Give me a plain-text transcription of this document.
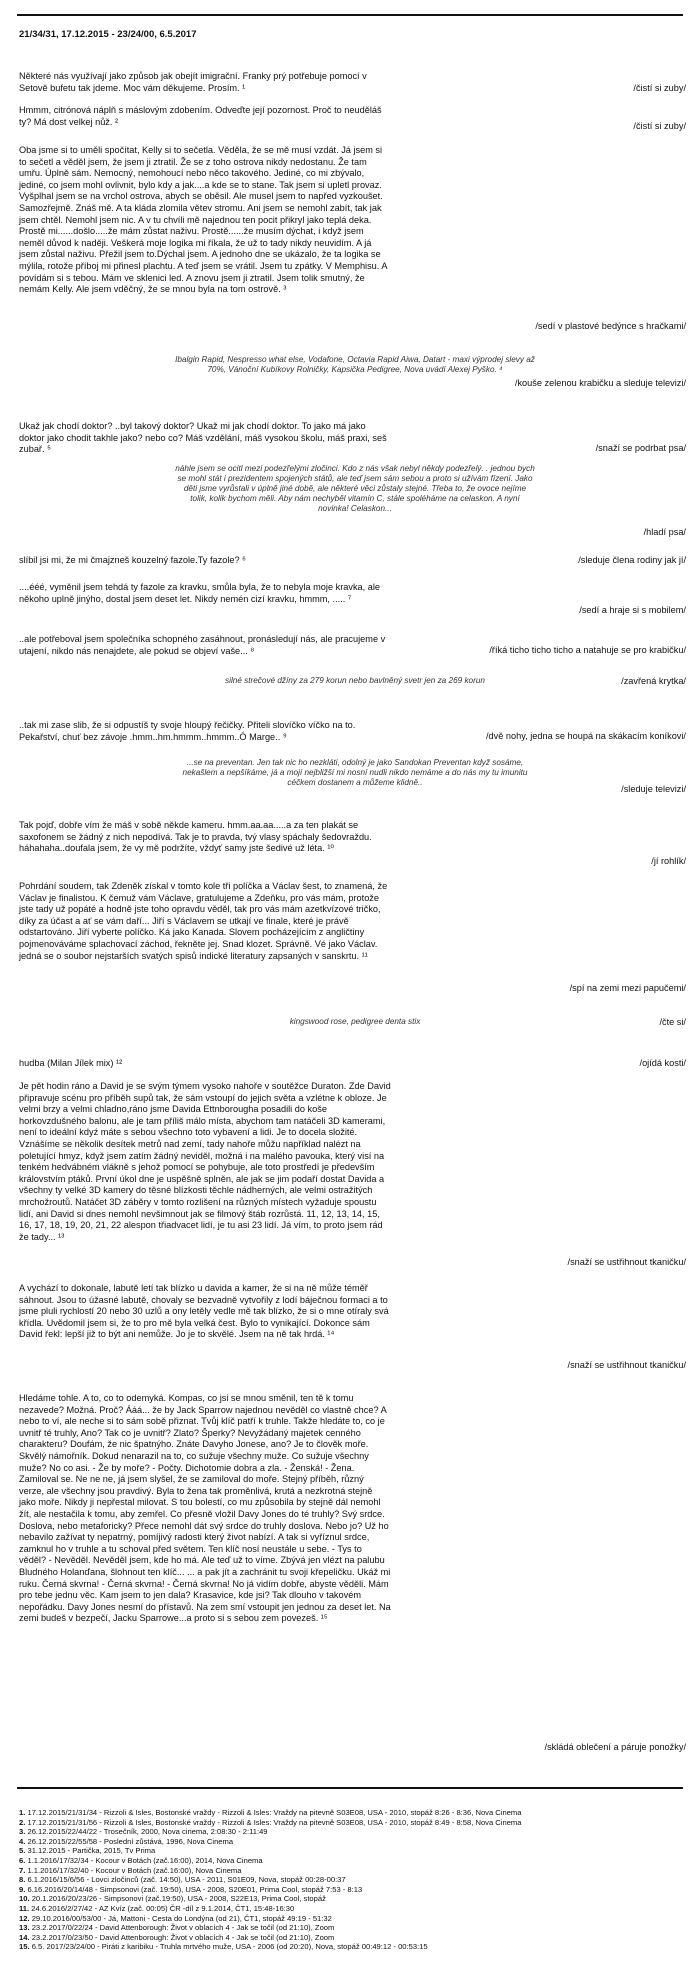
21/34/31, 17.12.2015 - 23/24/00, 6.5.2017
Některé nás využívají jako způsob jak obejít imigrační. Franky prý potřebuje pomocí v Setově bufetu tak jdeme. Moc vám děkujeme. Prosím. ¹	/čistí si zuby/
Hmmm, citrónová náplň s máslovým zdobením. Odveďte její pozornost. Proč to neuděláš ty? Má dost velkej nůž. ²	/čistí si zuby/
Oba jsme si to uměli spočítat, Kelly si to sečetla. Věděla, že se mě musí vzdát. Já jsem si to sečetl a věděl jsem, že jsem ji ztratil. Že se z toho ostrova nikdy nedostanu. Že tam umřu. Úplně sám. Nemocný, nemohoucí nebo něco takového. Jediné, co mi zbývalo, jediné, co jsem mohl ovlivnit, bylo kdy a jak....a kde se to stane. Tak jsem si upletl provaz. Vyšplhal jsem se na vrchol ostrova, abych se oběsil. Ale musel jsem to napřed vyzkoušet. Samozřejmě. Znáš mě. A ta kláda zlomila větev stromu. Ani jsem se nemohl zabít, tak jak jsem chtěl. Nemohl jsem nic. A v tu chvíli mě najednou ten pocit přikryl jako teplá deka. Prostě mi......došlo.....že mám zůstat naživu. Prostě......že musím dýchat, i když jsem neměl důvod k naději. Veškerá moje logika mi říkala, že už to tady nikdy neuvidím. A já jsem zůstal naživu. Přežil jsem to.Dýchal jsem. A jednoho dne se ukázalo, že ta logika se mýlila, rotože příboj mi přinesl plachtu. A teď jsem se vrátil. Jsem tu zpátky. V Memphisu. A povídám si s tebou. Mám ve sklenici led. A znovu jsem ji ztratil. Jsem tolik smutný, že nemám Kelly. Ale jsem vděčný, že se mnou byla na tom ostrově. ³
/sedí v plastové bedýnce s hračkami/
Ibalgin Rapid, Nespresso what else, Vodafone, Octavia Rapid Aiwa, Datart - maxi výprodej slevy až 70%, Vánoční Kubíkovy Rolničky, Kapsička Pedigree, Nova uvádí Alexej Pyško. ⁴
/kouše zelenou krabičku a sleduje televizi/
Ukaž jak chodí doktor? ..byl takový doktor? Ukaž mi jak chodí doktor. To jako má jako doktor jako chodit takhle jako? nebo co? Máš vzdělání, máš vysokou školu, máš praxi, seš zubař. ⁵	/snaží se podrbat psa/
náhle jsem se ocitl mezi podezřelými zločinci. Kdo z nás však nebyl někdy podezřelý. . jednou bych se mohl stát i prezidentem spojených států, ale teď jsem sám sebou a proto si užívám fízení. Jako děti jsme vyrůstali v úplně jiné době, ale některé věci zůstaly stejné. Třeba to, že ovoce nejíme tolik, kolik bychom měli. Aby nám nechyběl vitamín C, stále spoléháme na celaskon. A nyní novinka! Celaskon...
/hladí psa/
slíbil jsi mi, že mi čmajzneš kouzelný fazole.Ty fazole? ⁶	/sleduje člena rodiny jak jí/
....ééé, vyměnil jsem tehdá ty fazole za kravku, smůla byla, že to nebyla moje kravka, ale někoho uplně jinýho, dostal jsem deset let. Nikdy nemén cizí kravku, hmmm, ..... ⁷
/sedí a hraje si s mobilem/
..ale potřeboval jsem společníka schopného zasáhnout, pronásledují nás, ale pracujeme v utajení, nikdo nás nenajdete, ale pokud se objeví vaše... ⁸	/říká ticho ticho ticho a natahuje se pro krabičku/
silné strečové džíny za 279 korun nebo bavlněný svetr jen za 269 korun	/zavřená krytka/
..tak mi zase slib, že si odpustíš ty svoje hloupý řečičky. Přiteli slovíčko víčko na to. Pekařství, chuť bez závoje .hmm..hm.hmmm..hmmm..Ó Marge.. ⁹	/dvě nohy, jedna se houpá na skákacím koníkovi/
...se na preventan. Jen tak nic ho nezkláti, odolný je jako Sandokan Preventan když sosáme, nekašlem a nepšíkáme, já a mojí nejbližší mi nosní nudli nikdo nemáme a do nás my tu imunitu céčkem dostanem a můžeme klidně..
/sleduje televizi/
Tak pojď, dobře vím že máš v sobě někde kameru. hmm.aa.aa.....a za ten plakát se saxofonem se žádný z nich nepodívá. Tak je to pravda, tvý vlasy spáchaly šedovraždu. háhahaha..doufala jsem, že vy mě podržíte, vždyť samy jste šedivé už léta. ¹⁰
/jí rohlík/
Pohrdání soudem, tak Zdeněk získal v tomto kole tři políčka a Václav šest, to znamená, že Václav je finalistou. K čemuž vám Václave, gratulujeme a Zdeňku, pro vás mám, protože jste tady už popáté a hodně jste toho opravdu věděl, tak pro vás mám azetkvízové tričko, díky za účast a ať se vám daří... Jiří s Václavem se utkají ve finale, které je právě odstartováno. Jiří vyberte políčko. Ká jako Kanada. Slovem pocházejícím z angličtiny pojmenováváme splachovací záchod, řekněte jej. Snad klozet. Správně. Vé jako Václav. jedná se o soubor nejstarších svatých spisů indické literatury zapsaných v sanskrtu. ¹¹
/spí na zemi mezi papučemi/
kingswood rose, pedigree denta stix	/čte si/
hudba (Milan Jílek mix) ¹²	/ojídá kosti/
Je pět hodin ráno a David je se svým týmem vysoko nahoře v soutěžce Duraton. Zde David připravuje scénu pro příběh supů tak, že sám vstoupí do jejich světa a vzlétne k obloze. Je velmi brzy a velmi chladno,ráno jsme Davida Ettnborougha posadili do koše horkovzdušného balonu, ale je tam příliš málo místa, abychom tam natáčeli 3D kamerami, není to ideální kdyź máte s sebou všechno toto vybavení a lidi. Je to docela složité. Vznášíme se několik desítek metrů nad zemí, tady nahoře můžu například nalézt na poletující hmyz, když jsem zatím žádný neviděl, možná i na malého pavouka, který visí na tenkém hedvábném vlákně s jehož pomocí se pohybuje, ale toto prostředí je především královstvím ptáků. První úkol dne je uspěšně splněn, ale jak se jim podaří dostat Davida a všechny ty velké 3D kamery do těsné blízkosti těchle nádherných, ale velmi ostražitých mrchožroutů. Natáčet 3D záběry v tomto rozlišení na různých místech vyžaduje spoustu lidí, ani David si dnes nemohl nevšimnout jak se filmový štáb rozrůstá. 11, 12, 13, 14, 15, 16, 17, 18, 19, 20, 21, 22 alespon třiadvacet lidí, je tu asi 23 lidí. Já vím, to proto jsem rád že tady... ¹³
/snaží se ustřihnout tkaničku/
A vychází to dokonale, labutě letí tak blízko u davida a kamer, že si na ně může téměř sáhnout. Jsou to úžasné labutě, chovaly se bezvadně vytvořily z lodí báječnou formaci a to jsme pluli rychlostí 20 nebo 30 uzlů a ony letěly vedle mě tak blízko, že si o mne otíraly svá křídla. Uvědomil jsem si, že to pro mě byla velká čest. Bylo to vynikající. Dokonce sám David řekl: lepší již to být ani nemůže. Jo je to skvělé. Jsem na ně tak hrdá. ¹⁴
/snaží se ustřihnout tkaničku/
Hledáme tohle. A to, co to odemyká. Kompas, co jsi se mnou směnil, ten tě k tomu nezavede? Možná. Proč? Ááá... že by Jack Sparrow najednou nevěděl co vlastně chce? A nebo to ví, ale neche si to sám sobě přiznat. Tvůj klíč patří k truhle. Takže hledáte to, co je uvnitř té truhly, Ano? Tak co je uvnitř? Zlato? Šperky? Nevyžádaný majetek cenného charakteru? Doufám, že nic špatnýho. Znáte Davyho Jonese, ano? Je to člověk moře. Skvělý námořník. Dokud nenarazil na to, co sužuje všechny muže. Co sužuje všechny muže? No co asi. - Že by moře? - Počty. Dichotomie dobra a zla. - Ženská! - Žena. Zamiloval se. Ne ne ne, já jsem slyšel, že se zamiloval do moře. Stejný příběh, různý verze, ale všechny jsou pravdivý. Byla to žena tak proměnlivá, krutá a nezkrotná stejně jako moře. Nikdy ji nepřestal milovat. S tou bolestí, co mu způsobila by stejně dál nemohl žít, ale nestačila k tomu, aby zemřel. Co přesně vložil Davy Jones do té truhly? Svý srdce. Doslova, nebo metaforicky? Přece nemohl dát svý srdce do truhly doslova. Nebo jo? Už ho nebavilo zažívat ty nepatrný, pomíjivý radosti který život nabízí. A tak si vyříznul srdce, zamknul ho v truhle a tu schoval před světem. Ten klíč nosí neustále u sebe. - Tys to věděl? - Nevěděl. Nevěděl jsem, kde ho má. Ale teď už to víme. Zbývá jen vlézt na palubu Bludného Holanďana, šlohnout ten klíč... ... a pak jít a zachránit tu svoji křepeličku. Ukáž mi ruku. Černá skvrna! - Černá skvrna! - Černá skvrna! No já vidím dobře, abyste věděli. Mám pro tebe jednu věc. Kam jsem to jen dala? Krasavice, kde jsi? Tak dlouho v takovém nepořádku. Davy Jones nesmí do přístavů. Na zem smí vstoupit jen jednou za deset let. Na zemi budeš v bezpečí, Jacku Sparrowe...a proto si s sebou zem povezeš. ¹⁵
/skládá oblečení a páruje ponožky/
1. 17.12.2015/21/31/34 - Rizzoli & Isles, Bostonské vraždy - Rizzoli & Isles: Vraždy na pitevně S03E08, USA - 2010, stopáž 8:26 - 8:36, Nova Cinema
2. 17.12.2015/21/31/56 - Rizzoli & Isles, Bostonské vraždy - Rizzoli & Isles: Vraždy na pitevně S03E08, USA - 2010, stopáž 8:49 - 8:58, Nova Cinema
3. 26.12.2015/22/44/22 - Trosečník, 2000, Nova cinema, 2:08:30 - 2:11:49
4. 26.12.2015/22/55/58 - Poslední zůstává, 1996, Nova Cinema
5. 31.12.2015 - Partička, 2015, Tv Prima
6. 1.1.2016/17/32/34 - Kocour v Botách (zač.16:00), 2014, Nova Cinema
7. 1.1.2016/17/32/40 - Kocour v Botách (zač.16:00), Nova Cinema
8. 6.1.2016/15/6/56 - Lovci zločinců (zač. 14:50), USA - 2011, S01E09, Nova, stopáž 00:28-00:37
9. 6.16.2016/20/14/48 - Simpsonovi (zač. 19:50), USA - 2008, S20E01, Prima Cool, stopáž 7:53 - 8:13
10. 20.1.2016/20/23/26 - Simpsonovi (zač.19:50), USA - 2008, S22E13, Prima Cool, stopáž
11. 24.6.2016/2/27/42 - AZ Kvíz (zač. 00:05) ČR -díl z 9.1.2014, ČT1, 15:48-16:30
12. 29.10.2016/00/53/00 - Já, Mattoni - Cesta do Londýna (od 21), ČT1, stopáž 49:19 - 51:32
13. 23.2.2017/0/22/24 - David Attenborough: Život v oblacích 4 - Jak se točil (od 21:10), Zoom
14. 23.2.2017/0/23/50 - David Attenborough: Život v oblacích 4 - Jak se točil (od 21:10), Zoom
15. 6.5. 2017/23/24/00 - Piráti z karibiku - Truhla mrtvého muže, USA - 2006 (od 20:20), Nova, stopáž 00:49:12 - 00:53:15
